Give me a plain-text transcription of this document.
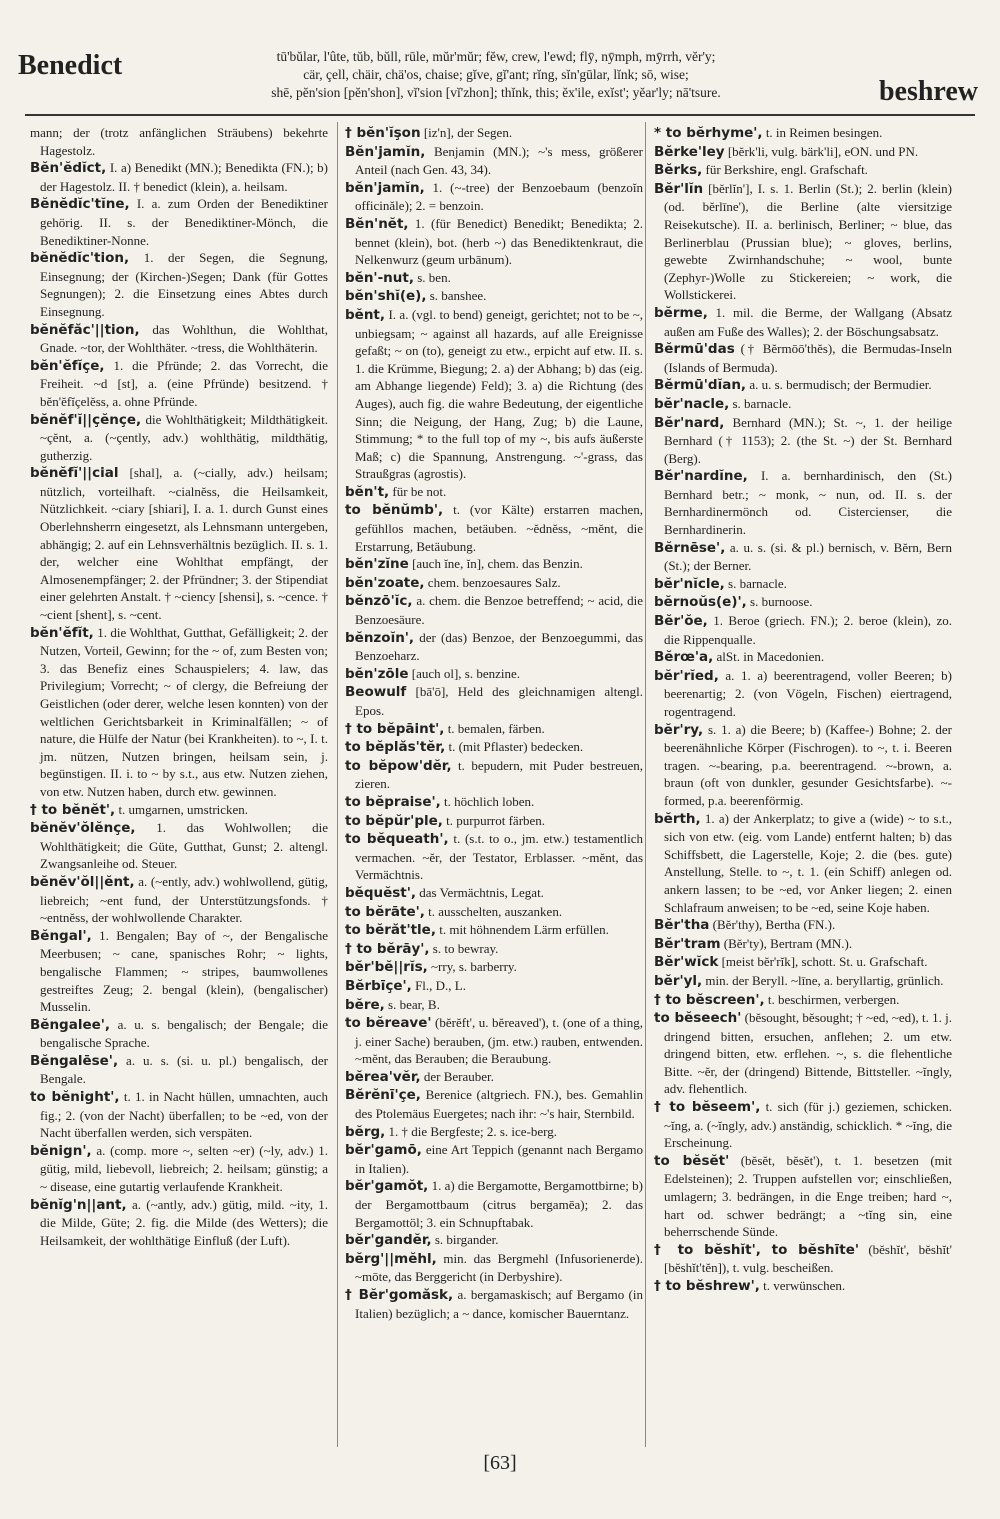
Benedict	tū'bŭlar, l'ûte, tŭb, bŭll, rūle, mŭr'mŭr; fĕw, crew, l'ewd; flȳ, nȳmph, mȳrrh, vĕr'y;
cär, çell, chäir, chä'os, chaise; gĭve, gĭ'ant; rĭng, sĭn'gūlar, lĭnk; sō, wise;
shē, pĕn'sion [pĕn'shon], vĭ'sion [vĭ'zhon]; thĭnk, this; ĕx'ile, exĭst'; yĕar'ly; nā'tsure.	beshrew

mann; der (trotz anfänglichen Sträubens) bekehrte Hagestolz.

Bĕn'ĕdĭct, I. a) Benedikt (MN.); Benedikta (FN.); b) der Hagestolz. II. † benedict (klein), a. heilsam.

Bĕnĕdĭc'tĭne, I. a. zum Orden der Benediktiner gehörig. II. s. der Benediktiner-Mönch, die Benediktiner-Nonne.

bĕnĕdĭc'tion, 1. der Segen, die Segnung, Einsegnung; der (Kirchen-)Segen; Dank (für Gottes Segnungen); 2. die Einsetzung eines Abtes durch Einsegnung.

bĕnĕfăc'||tion, das Wohlthun, die Wohlthat, Gnade. ~tor, der Wohlthäter. ~tress, die Wohlthäterin.

bĕn'ĕfĭçe, 1. die Pfründe; 2. das Vorrecht, die Freiheit. ~d [st], a. (eine Pfründe) besitzend. † bĕn'ĕfĭçelĕss, a. ohne Pfründe.

bĕnĕf'ĭ||çĕnçe, die Wohlthätigkeit; Mildthätigkeit. ~çĕnt, a. (~çently, adv.) wohlthätig, mildthätig, gutherzig.

bĕnĕfĭ'||cial [shal], a. (~cially, adv.) heilsam; nützlich, vorteilhaft. ~cialnĕss, die Heilsamkeit, Nützlichkeit. ~ciary [shiari], I. a. 1. durch Gunst eines Oberlehnsherrn eingesetzt, als Lehnsmann untergeben, abhängig; 2. auf ein Lehnsverhältnis bezüglich. II. s. 1. der, welcher eine Wohlthat empfängt, der Almosenempfänger; 2. der Pfründner; 3. der Stipendiat einer gelehrten Anstalt. † ~ciency [shensi], s. ~cence. † ~cient [shent], s. ~cent.

bĕn'ĕfĭt, 1. die Wohlthat, Gutthat, Gefälligkeit; 2. der Nutzen, Vorteil, Gewinn; for the ~ of, zum Besten von; 3. das Benefiz eines Schauspielers; 4. law, das Privilegium; Vorrecht; ~ of clergy, die Befreiung der Geistlichen (oder derer, welche lesen konnten) von der weltlichen Gerichtsbarkeit in Kriminalfällen; ~ of nature, die Hülfe der Natur (bei Krankheiten). to ~, I. t. jm. nützen, Nutzen bringen, heilsam sein, j. begünstigen. II. i. to ~ by s.t., aus etw. Nutzen ziehen, von etw. Nutzen haben, durch etw. gewinnen.

† to bĕnĕt', t. umgarnen, umstricken.

bĕnĕv'ŏlĕnçe, 1. das Wohlwollen; die Wohlthätigkeit; die Güte, Gutthat, Gunst; 2. altengl. Zwangsanleihe od. Steuer.

bĕnĕv'ŏl||ĕnt, a. (~ently, adv.) wohlwollend, gütig, liebreich; ~ent fund, der Unterstützungsfonds. † ~entnĕss, der wohlwollende Charakter.

Bĕngal', 1. Bengalen; Bay of ~, der Bengalische Meerbusen; ~ cane, spanisches Rohr; ~ lights, bengalische Flammen; ~ stripes, baumwollenes gestreiftes Zeug; 2. bengal (klein), (bengalischer) Musselin.

Bĕngalee', a. u. s. bengalisch; der Bengale; die bengalische Sprache.

Bĕngalēse', a. u. s. (si. u. pl.) bengalisch, der Bengale.

to bĕnight', t. 1. in Nacht hüllen, umnachten, auch fig.; 2. (von der Nacht) überfallen; to be ~ed, von der Nacht überfallen werden, sich verspäten.

bĕnign', a. (comp. more ~, selten ~er) (~ly, adv.) 1. gütig, mild, liebevoll, liebreich; 2. heilsam; günstig; a ~ disease, eine gutartig verlaufende Krankheit.

bĕnĭg'n||ant, a. (~antly, adv.) gütig, mild. ~ity, 1. die Milde, Güte; 2. fig. die Milde (des Wetters); die Heilsamkeit, der wohlthätige Einfluß (der Luft).

† bĕn'ĭşon [iz'n], der Segen.

Bĕn'jamĭn, Benjamin (MN.); ~'s mess, größerer Anteil (nach Gen. 43, 34).

bĕn'jamĭn, 1. (~-tree) der Benzoebaum (benzoĭn officinăle); 2. = benzoin.

Bĕn'nĕt, 1. (für Benedict) Benedikt; Benedikta; 2. bennet (klein), bot. (herb ~) das Benediktenkraut, die Nelkenwurz (geum urbānum).

bĕn'-nut, s. ben.

bĕn'shĭ(e), s. banshee.

bĕnt, I. a. (vgl. to bend) geneigt, gerichtet; not to be ~, unbiegsam; ~ against all hazards, auf alle Ereignisse gefaßt; ~ on (to), geneigt zu etw., erpicht auf etw. II. s. 1. die Krümme, Biegung; 2. a) der Abhang; b) das (eig. am Abhange liegende) Feld); 3. a) die Richtung (des Auges), auch fig. die wahre Bedeutung, der eigentliche Sinn; die Neigung, der Hang, Zug; b) die Laune, Stimmung; * to the full top of my ~, bis aufs äußerste Maß; c) die Spannung, Anstrengung. ~'-grass, das Straußgras (agrostis).

bĕn't, für be not.

to bĕnŭmb', t. (vor Kälte) erstarren machen, gefühllos machen, betäuben. ~ĕdnĕss, ~mĕnt, die Erstarrung, Betäubung.

bĕn'zĭne [auch ĭne, ĭn], chem. das Benzin.

bĕn'zoate, chem. benzoesaures Salz.

bĕnzō'ĭc, a. chem. die Benzoe betreffend; ~ acid, die Benzoesäure.

bĕnzoĭn', der (das) Benzoe, der Benzoegummi, das Benzoeharz.

bĕn'zōle [auch ol], s. benzine.

Beowulf [bā'ō], Held des gleichnamigen altengl. Epos.

† to bĕpāint', t. bemalen, färben.

to bĕplăs'tĕr, t. (mit Pflaster) bedecken.

to bĕpow'dĕr, t. bepudern, mit Puder bestreuen, zieren.

to bĕpraise', t. höchlich loben.

to bĕpŭr'ple, t. purpurrot färben.

to bĕqueath', t. (s.t. to o., jm. etw.) testamentlich vermachen. ~ĕr, der Testator, Erblasser. ~mĕnt, das Vermächtnis.

bĕquĕst', das Vermächtnis, Legat.

to bĕrāte', t. ausschelten, auszanken.

to bĕrăt'tle, t. mit höhnendem Lärm erfüllen.

† to bĕrāy', s. to bewray.

bĕr'bĕ||rĭs, ~rry, s. barberry.

Bĕrbīçe', Fl., D., L.

bĕre, s. bear, B.

to bĕreave' (bĕrĕft', u. bĕreaved'), t. (one of a thing, j. einer Sache) berauben, (jm. etw.) rauben, entwenden. ~mĕnt, das Berauben; die Beraubung.

bĕrea'vĕr, der Berauber.

Bĕrĕnī'çe, Berenice (altgriech. FN.), bes. Gemahlin des Ptolemäus Euergetes; nach ihr: ~'s hair, Sternbild.

bĕrg, 1. † die Bergfeste; 2. s. ice-berg.

bĕr'gamō, eine Art Teppich (genannt nach Bergamo in Italien).

bĕr'gamŏt, 1. a) die Bergamotte, Bergamottbirne; b) der Bergamottbaum (citrus bergamēa); 2. das Bergamottöl; 3. ein Schnupftabak.

bĕr'gandĕr, s. birgander.

bĕrg'||mĕhl, min. das Bergmehl (Infusorienerde). ~mōte, das Berggericht (in Derbyshire).

† Bĕr'gomăsk, a. bergamaskisch; auf Bergamo (in Italien) bezüglich; a ~ dance, komischer Bauerntanz.

* to bĕrhyme', t. in Reimen besingen.

Bĕrke'ley [bĕrk'li, vulg. bärk'li], eON. und PN.

Bĕrks, für Berkshire, engl. Grafschaft.

Bĕr'lĭn [bĕrlĭn'], I. s. 1. Berlin (St.); 2. berlin (klein) (od. bĕrlīne'), die Berline (alte viersitzige Reisekutsche). II. a. berlinisch, Berliner; ~ blue, das Berlinerblau (Prussian blue); ~ gloves, berlins, gewebte Zwirnhandschuhe; ~ wool, bunte (Zephyr-)Wolle zu Stickereien; ~ work, die Wollstickerei.

bĕrme, 1. mil. die Berme, der Wallgang (Absatz außen am Fuße des Walles); 2. der Böschungsabsatz.

Bĕrmū'das († Bĕrmōō'thĕs), die Bermudas-Inseln (Islands of Bermuda).

Bĕrmū'dĭan, a. u. s. bermudisch; der Bermudier.

bĕr'nacle, s. barnacle.

Bĕr'nard, Bernhard (MN.); St. ~, 1. der heilige Bernhard († 1153); 2. (the St. ~) der St. Bernhard (Berg).

Bĕr'nardĭne, I. a. bernhardinisch, den (St.) Bernhard betr.; ~ monk, ~ nun, od. II. s. der Bernhardinermönch od. Cistercienser, die Bernhardinerin.

Bĕrnēse', a. u. s. (si. & pl.) bernisch, v. Bĕrn, Bern (St.); der Berner.

bĕr'nĭcle, s. barnacle.

bĕrnoŭs(e)', s. burnoose.

Bĕr'ŏe, 1. Beroe (griech. FN.); 2. beroe (klein), zo. die Rippenqualle.

Bĕrœ'a, alSt. in Macedonien.

bĕr'rĭed, a. 1. a) beerentragend, voller Beeren; b) beerenartig; 2. (von Vögeln, Fischen) eiertragend, rogentragend.

bĕr'ry, s. 1. a) die Beere; b) (Kaffee-) Bohne; 2. der beerenähnliche Körper (Fischrogen). to ~, t. i. Beeren tragen. ~-bearing, p.a. beerentragend. ~-brown, a. braun (oft von dunkler, gesunder Gesichtsfarbe). ~-formed, p.a. beerenförmig.

bĕrth, 1. a) der Ankerplatz; to give a (wide) ~ to s.t., sich von etw. (eig. vom Lande) entfernt halten; b) das Schiffsbett, die Lagerstelle, Koje; 2. die (bes. gute) Anstellung, Stelle. to ~, t. 1. (ein Schiff) anlegen od. ankern lassen; to be ~ed, vor Anker liegen; 2. einen Schlafraum anweisen; to be ~ed, seine Koje haben.

Bĕr'tha (Bĕr'thy), Bertha (FN.).

Bĕr'tram (Bĕr'ty), Bertram (MN.).

Bĕr'wĭck [meist bĕr'rĭk], schott. St. u. Grafschaft.

bĕr'yl, min. der Beryll. ~līne, a. beryllartig, grünlich.

† to bĕscreen', t. beschirmen, verbergen.

to bĕseech' (bĕsought, bĕsought; † ~ed, ~ed), t. 1. j. dringend bitten, ersuchen, anflehen; 2. um etw. dringend bitten, etw. erflehen. ~, s. die flehentliche Bitte. ~ĕr, der (dringend) Bittende, Bittsteller. ~ĭngly, adv. flehentlich.

† to bĕseem', t. sich (für j.) geziemen, schicken. ~ĭng, a. (~ĭngly, adv.) anständig, schicklich. * ~ĭng, die Erscheinung.

to bĕsĕt' (bĕsĕt, bĕsĕt'), t. 1. besetzen (mit Edelsteinen); 2. Truppen aufstellen vor; einschließen, umlagern; 3. bedrängen, in die Enge treiben; hard ~, hart od. schwer bedrängt; a ~tĭng sin, eine beherrschende Sünde.

† to bĕshĭt', to bĕshīte' (bĕshĭt', bĕshĭt' [bĕshĭt'tĕn]), t. vulg. bescheißen.

† to bĕshrew', t. verwünschen.

[63]
